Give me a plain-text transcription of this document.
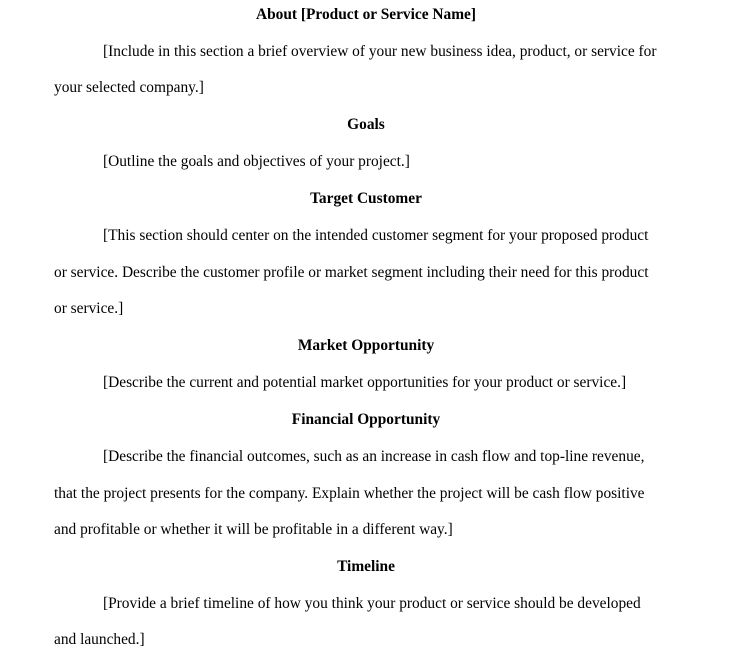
About [Product or Service Name]
[Include in this section a brief overview of your new business idea, product, or service for
your selected company.]
Goals
[Outline the goals and objectives of your project.]
Target Customer
[This section should center on the intended customer segment for your proposed product
or service. Describe the customer profile or market segment including their need for this product
or service.]
Market Opportunity
[Describe the current and potential market opportunities for your product or service.]
Financial Opportunity
[Describe the financial outcomes, such as an increase in cash flow and top-line revenue,
that the project presents for the company. Explain whether the project will be cash flow positive
and profitable or whether it will be profitable in a different way.]
Timeline
[Provide a brief timeline of how you think your product or service should be developed
and launched.]
